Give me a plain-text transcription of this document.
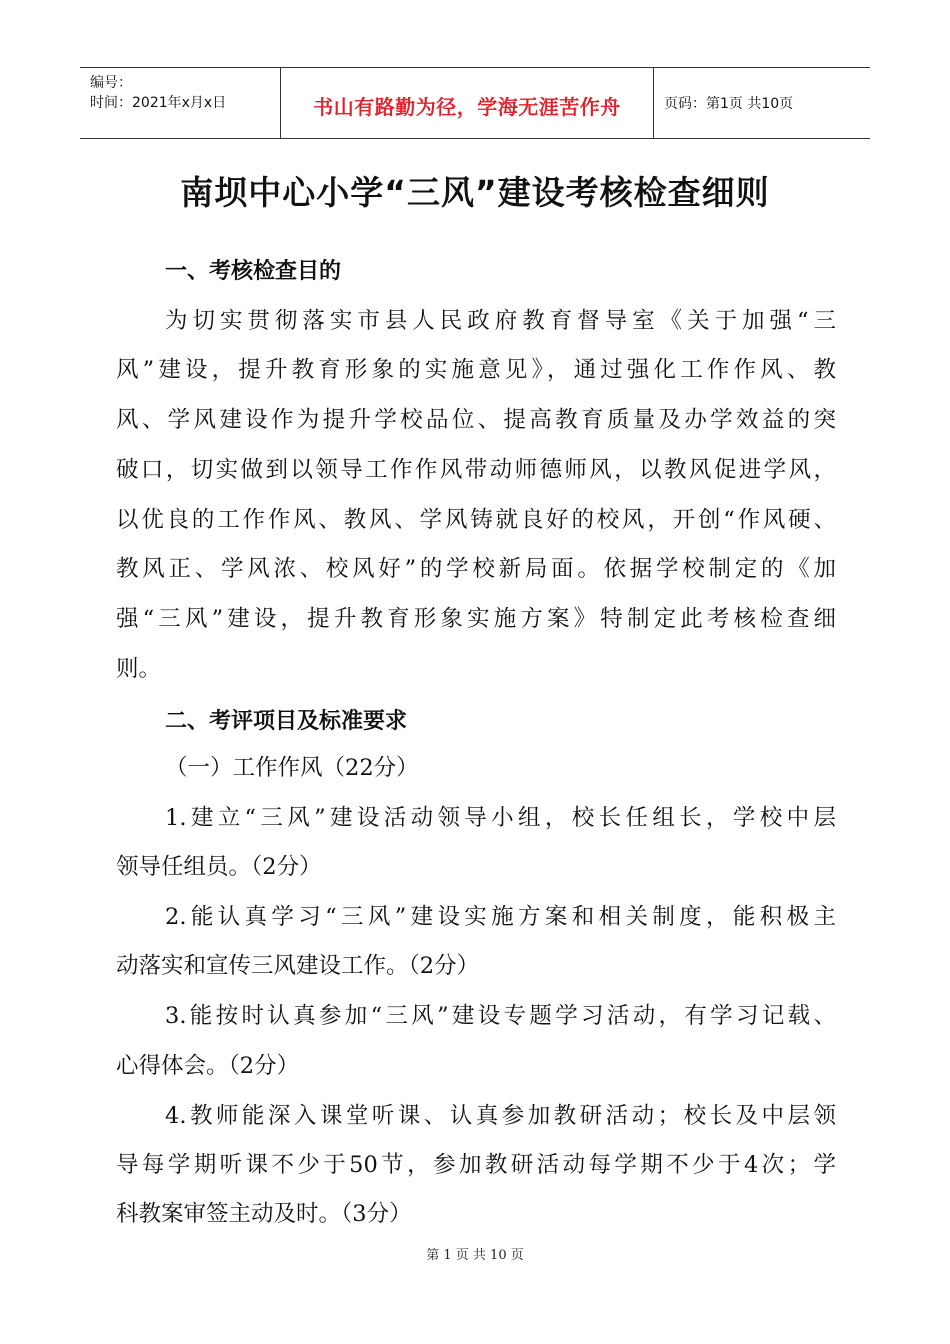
编号：
时间：2021年x月x日	书山有路勤为径，学海无涯苦作舟	页码：第1页 共10页
南坝中心小学“三风”建设考核检查细则
一、考核检查目的
为切实贯彻落实市县人民政府教育督导室《关于加强“三
风”建设，提升教育形象的实施意见》，通过强化工作作风、教
风、学风建设作为提升学校品位、提高教育质量及办学效益的突
破口，切实做到以领导工作作风带动师德师风，以教风促进学风，
以优良的工作作风、教风、学风铸就良好的校风，开创“作风硬、
教风正、学风浓、校风好”的学校新局面。依据学校制定的《加
强“三风”建设，提升教育形象实施方案》特制定此考核检查细
则。
二、考评项目及标准要求
（一）工作作风（22分）
1.建立“三风”建设活动领导小组，校长任组长，学校中层
领导任组员。（2分）
2.能认真学习“三风”建设实施方案和相关制度，能积极主
动落实和宣传三风建设工作。（2分）
3.能按时认真参加“三风”建设专题学习活动，有学习记载、
心得体会。（2分）
4.教师能深入课堂听课、认真参加教研活动；校长及中层领
导每学期听课不少于50节，参加教研活动每学期不少于4次；学
科教案审签主动及时。（3分）
第 1 页 共 10 页
